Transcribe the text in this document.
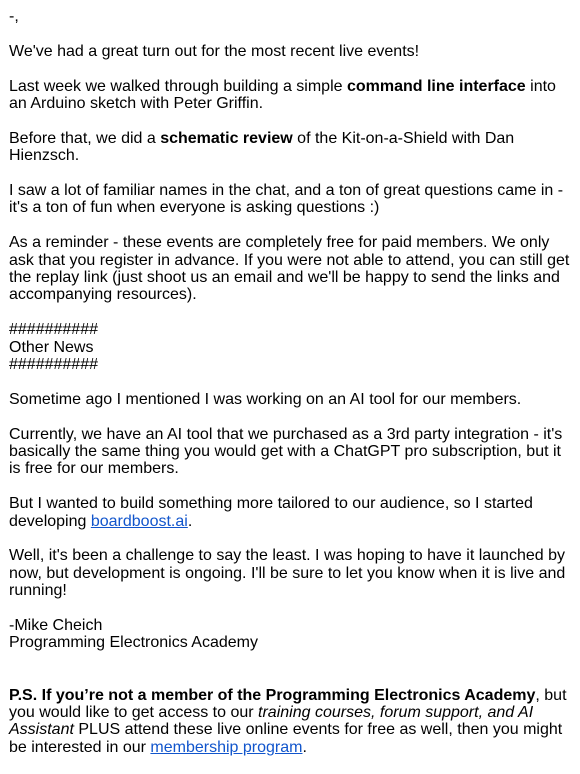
-,
We've had a great turn out for the most recent live events!
Last week we walked through building a simple command line interface into an Arduino sketch with Peter Griffin.
Before that, we did a schematic review of the Kit-on-a-Shield with Dan Hienzsch.
I saw a lot of familiar names in the chat, and a ton of great questions came in - it's a ton of fun when everyone is asking questions :)
As a reminder - these events are completely free for paid members. We only ask that you register in advance. If you were not able to attend, you can still get the replay link (just shoot us an email and we'll be happy to send the links and accompanying resources).
##########
Other News
##########
Sometime ago I mentioned I was working on an AI tool for our members.
Currently, we have an AI tool that we purchased as a 3rd party integration - it's basically the same thing you would get with a ChatGPT pro subscription, but it is free for our members.
But I wanted to build something more tailored to our audience, so I started developing boardboost.ai.
Well, it's been a challenge to say the least. I was hoping to have it launched by now, but development is ongoing. I'll be sure to let you know when it is live and running!
-Mike Cheich
Programming Electronics Academy
P.S. If you’re not a member of the Programming Electronics Academy, but you would like to get access to our training courses, forum support, and AI Assistant PLUS attend these live online events for free as well, then you might be interested in our membership program.
